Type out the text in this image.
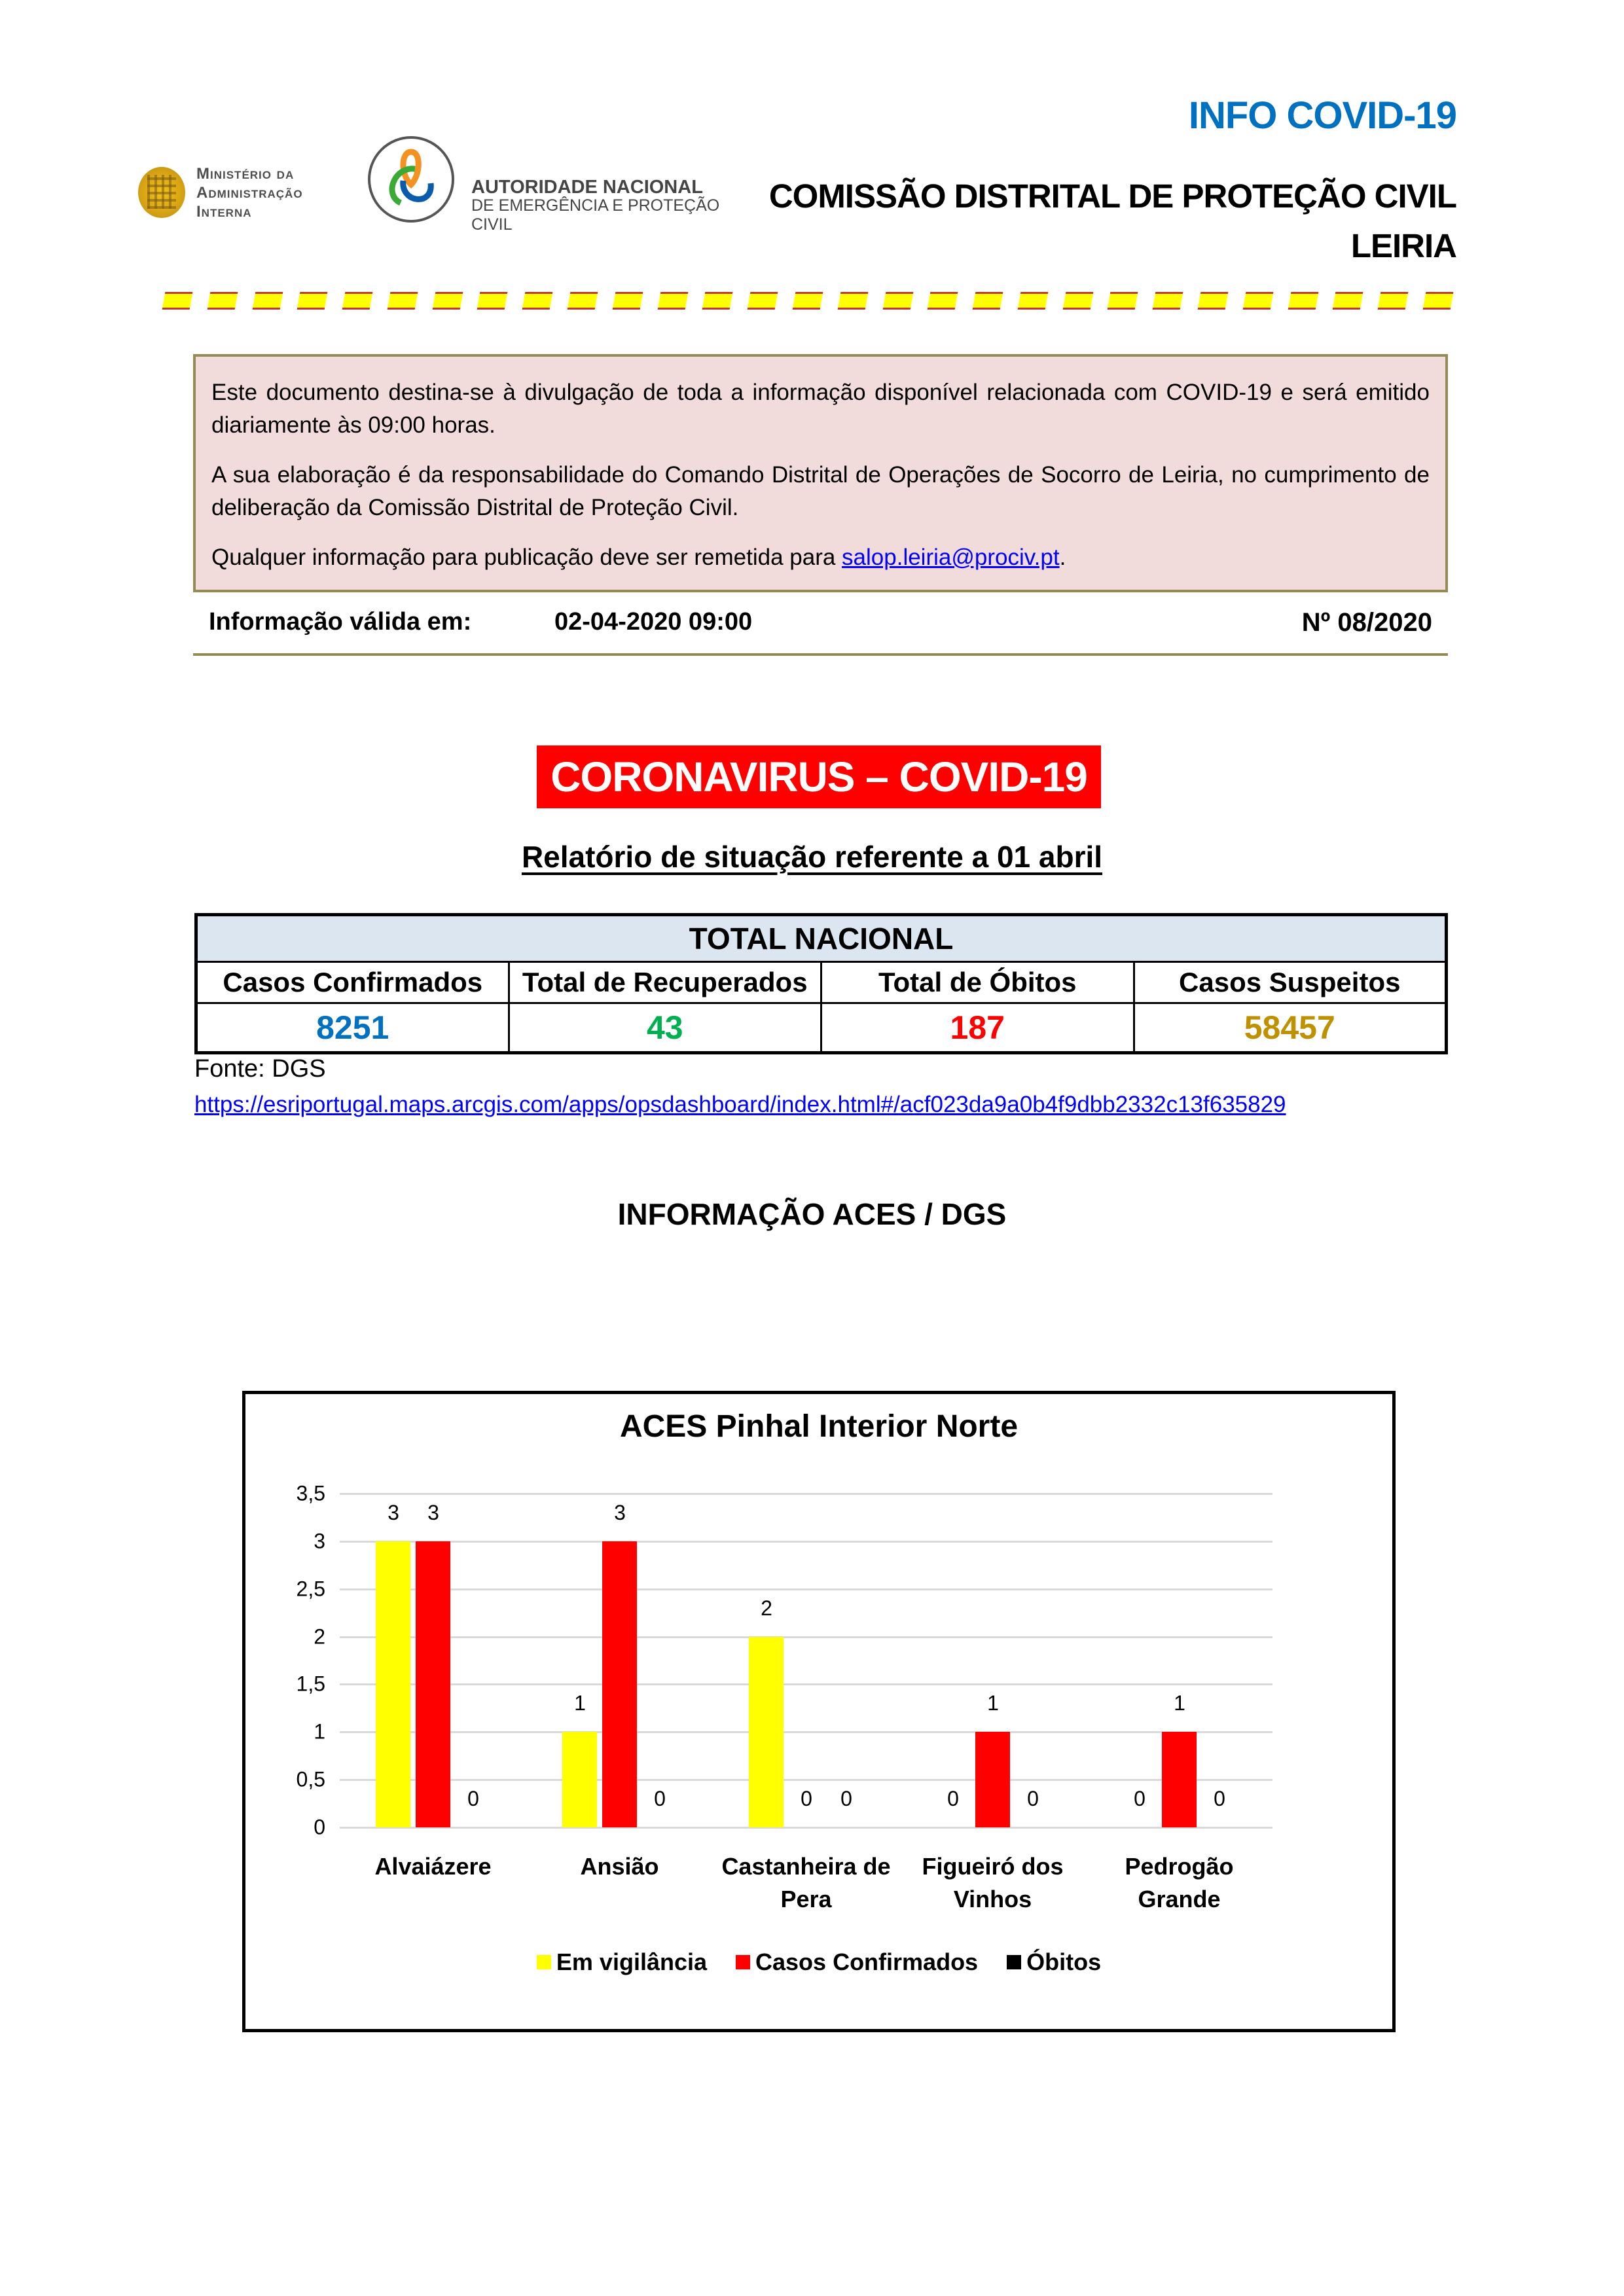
INFO COVID-19
COMISSÃO DISTRITAL DE PROTEÇÃO CIVIL
LEIRIA
Ministério da
Administração
Interna
AUTORIDADE NACIONAL
DE EMERGÊNCIA E PROTEÇÃO CIVIL

Este documento destina-se à divulgação de toda a informação disponível relacionada com COVID-19 e será emitido diariamente às 09:00 horas.

A sua elaboração é da responsabilidade do Comando Distrital de Operações de Socorro de Leiria, no cumprimento de deliberação da Comissão Distrital de Proteção Civil.

Qualquer informação para publicação deve ser remetida para salop.leiria@prociv.pt.

Informação válida em:	02-04-2020 09:00	Nº 08/2020
CORONAVIRUS – COVID-19
Relatório de situação referente a 01 abril
TOTAL NACIONAL			
Casos Confirmados	Total de Recuperados	Total de Óbitos	Casos Suspeitos
8251	43	187	58457
Fonte: DGS
https://esriportugal.maps.arcgis.com/apps/opsdashboard/index.html#/acf023da9a0b4f9dbb2332c13f635829
INFORMAÇÃO ACES / DGS
ACES Pinhal Interior Norte
0
0,5
1
1,5
2
2,5
3
3,5
3	3
0
Alvaiázere
1
3
0
Ansião
2
0	0
Castanheira de Pera
0
1
0
Figueiró dos Vinhos
0
1
0
Pedrogão Grande
Em vigilância Casos Confirmados Óbitos
